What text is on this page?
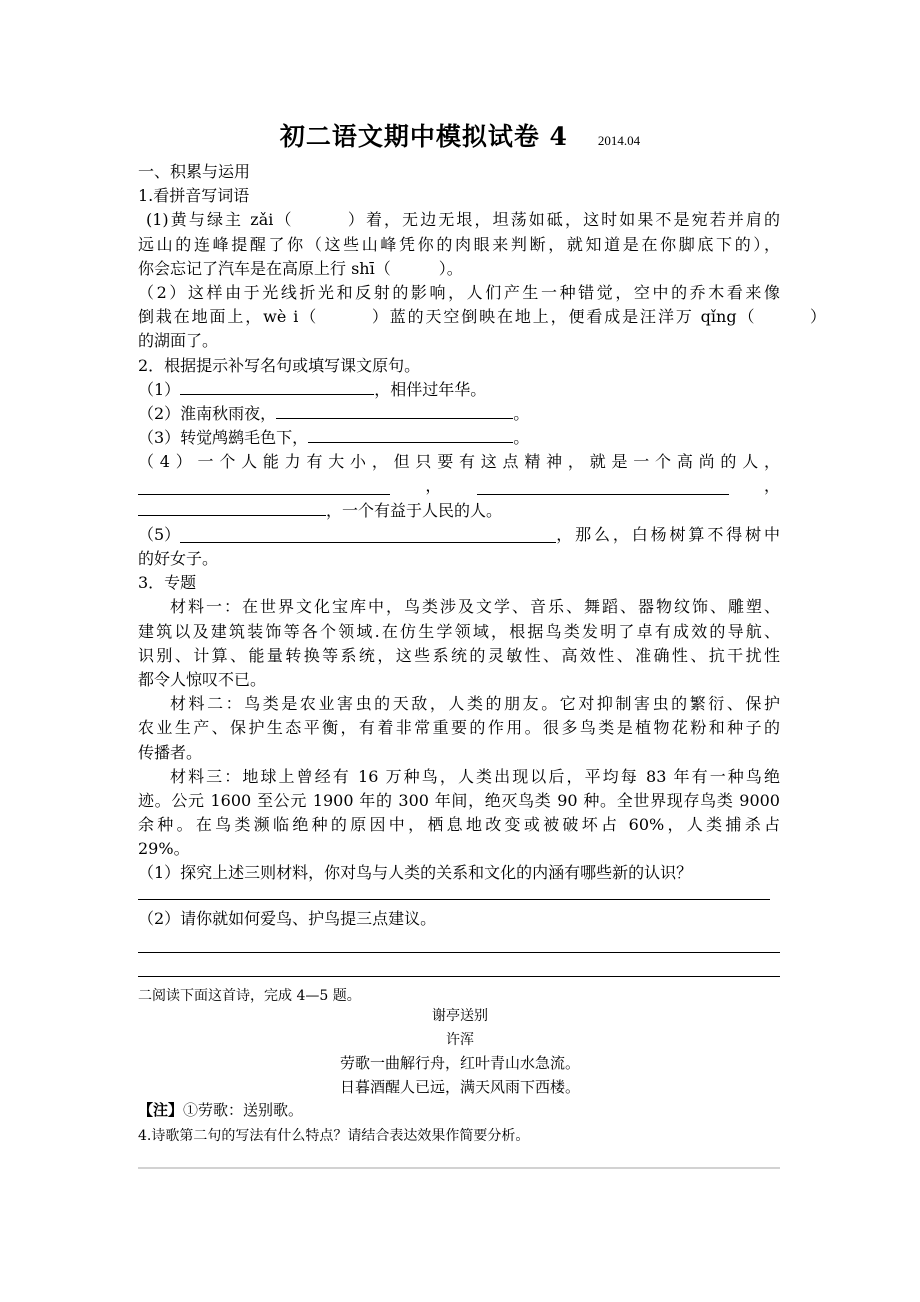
初二语文期中模拟试卷 4 2014.04
一、积累与运用
1.看拼音写词语
(1)黄与绿主 zǎi（　　　）着，无边无垠，坦荡如砥，这时如果不是宛若并肩的
远山的连峰提醒了你（这些山峰凭你的肉眼来判断，就知道是在你脚底下的），
你会忘记了汽车是在高原上行 shī（　　　）。
（2）这样由于光线折光和反射的影响，人们产生一种错觉，空中的乔木看来像
倒栽在地面上，wè i（　　　）蓝的天空倒映在地上，便看成是汪洋万 qǐng（　　　）
的湖面了。
2．根据提示补写名句或填写课文原句。
（1）	，相伴过年华。
（2）淮南秋雨夜，	。
（3）转觉鸬鹚毛色下，	。
（4）一个人能力有大小，但只要有这点精神，就是一个高尚的人，
，	，
，一个有益于人民的人。
（5）	，那么，白杨树算不得树中
的好女子。
3．专题
材料一：在世界文化宝库中，鸟类涉及文学、音乐、舞蹈、器物纹饰、雕塑、
建筑以及建筑装饰等各个领域.在仿生学领域，根据鸟类发明了卓有成效的导航、
识别、计算、能量转换等系统，这些系统的灵敏性、高效性、准确性、抗干扰性
都令人惊叹不已。
材料二：鸟类是农业害虫的天敌，人类的朋友。它对抑制害虫的繁衍、保护
农业生产、保护生态平衡，有着非常重要的作用。很多鸟类是植物花粉和种子的
传播者。
材料三：地球上曾经有 16 万种鸟，人类出现以后，平均每 83 年有一种鸟绝
迹。公元 1600 至公元 1900 年的 300 年间，绝灭鸟类 90 种。全世界现存鸟类 9000
余种。在鸟类濒临绝种的原因中，栖息地改变或被破坏占 60%，人类捕杀占
29%。
（1）探究上述三则材料，你对鸟与人类的关系和文化的内涵有哪些新的认识？
（2）请你就如何爱鸟、护鸟提三点建议。
二阅读下面这首诗，完成 4—5 题。
谢亭送别
许浑
劳歌一曲解行舟，红叶青山水急流。
日暮酒醒人已远，满天风雨下西楼。
【注】①劳歌：送别歌。
4.诗歌第二句的写法有什么特点？请结合表达效果作简要分析。
